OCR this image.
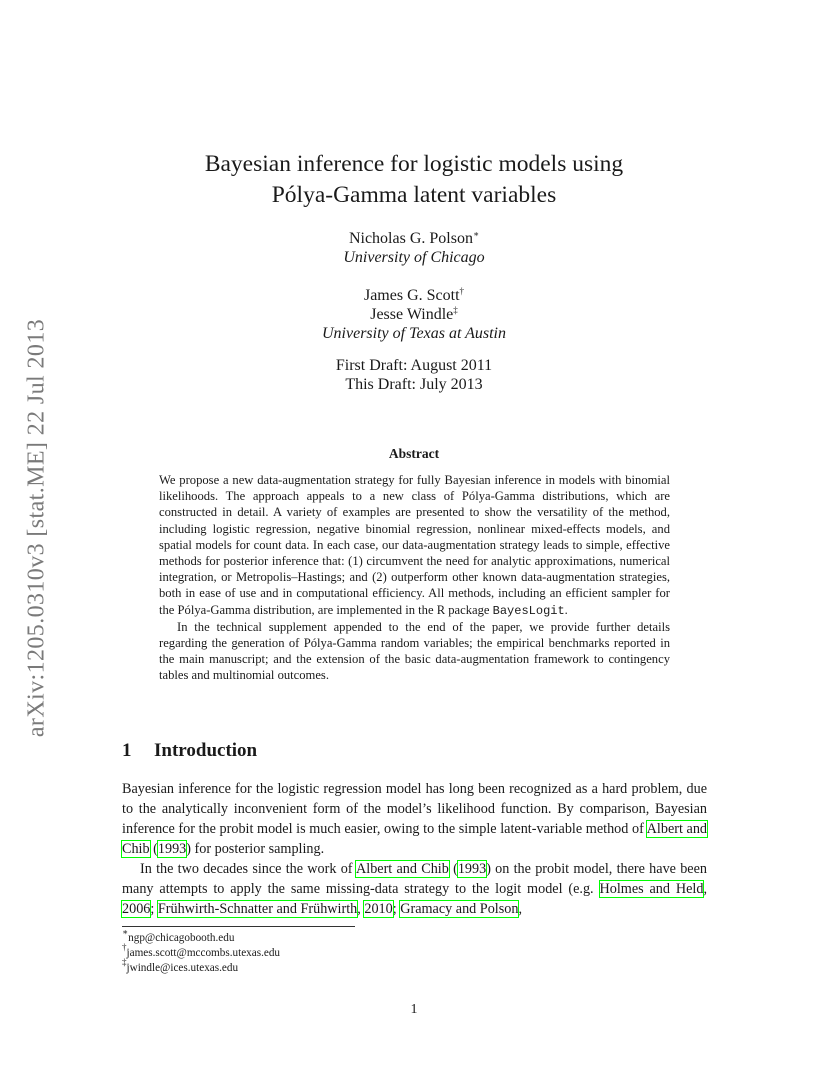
arXiv:1205.0310v3 [stat.ME] 22 Jul 2013
Bayesian inference for logistic models using
Pólya-Gamma latent variables
Nicholas G. Polson∗
University of Chicago
James G. Scott†
Jesse Windle‡
University of Texas at Austin
First Draft: August 2011
This Draft: July 2013
Abstract

We propose a new data-augmentation strategy for fully Bayesian inference in models with binomial likelihoods. The approach appeals to a new class of Pólya-Gamma distributions, which are constructed in detail. A variety of examples are presented to show the versatility of the method, including logistic regression, negative binomial regression, nonlinear mixed-effects models, and spatial models for count data. In each case, our data-augmentation strategy leads to simple, effective methods for posterior inference that: (1) circumvent the need for analytic approximations, numerical integration, or Metropolis–Hastings; and (2) outperform other known data-augmentation strategies, both in ease of use and in computational efficiency. All methods, including an efficient sampler for the Pólya-Gamma distribution, are implemented in the R package BayesLogit.

In the technical supplement appended to the end of the paper, we provide further details regarding the generation of Pólya-Gamma random variables; the empirical benchmarks reported in the main manuscript; and the extension of the basic data-augmentation framework to contingency tables and multinomial outcomes.

1 Introduction

Bayesian inference for the logistic regression model has long been recognized as a hard problem, due to the analytically inconvenient form of the model’s likelihood function. By comparison, Bayesian inference for the probit model is much easier, owing to the simple latent-variable method of Albert and Chib (1993) for posterior sampling.

In the two decades since the work of Albert and Chib (1993) on the probit model, there have been many attempts to apply the same missing-data strategy to the logit model (e.g. Holmes and Held, 2006; Frühwirth-Schnatter and Frühwirth, 2010; Gramacy and Polson,

∗ngp@chicagobooth.edu
†james.scott@mccombs.utexas.edu
‡jwindle@ices.utexas.edu
1
